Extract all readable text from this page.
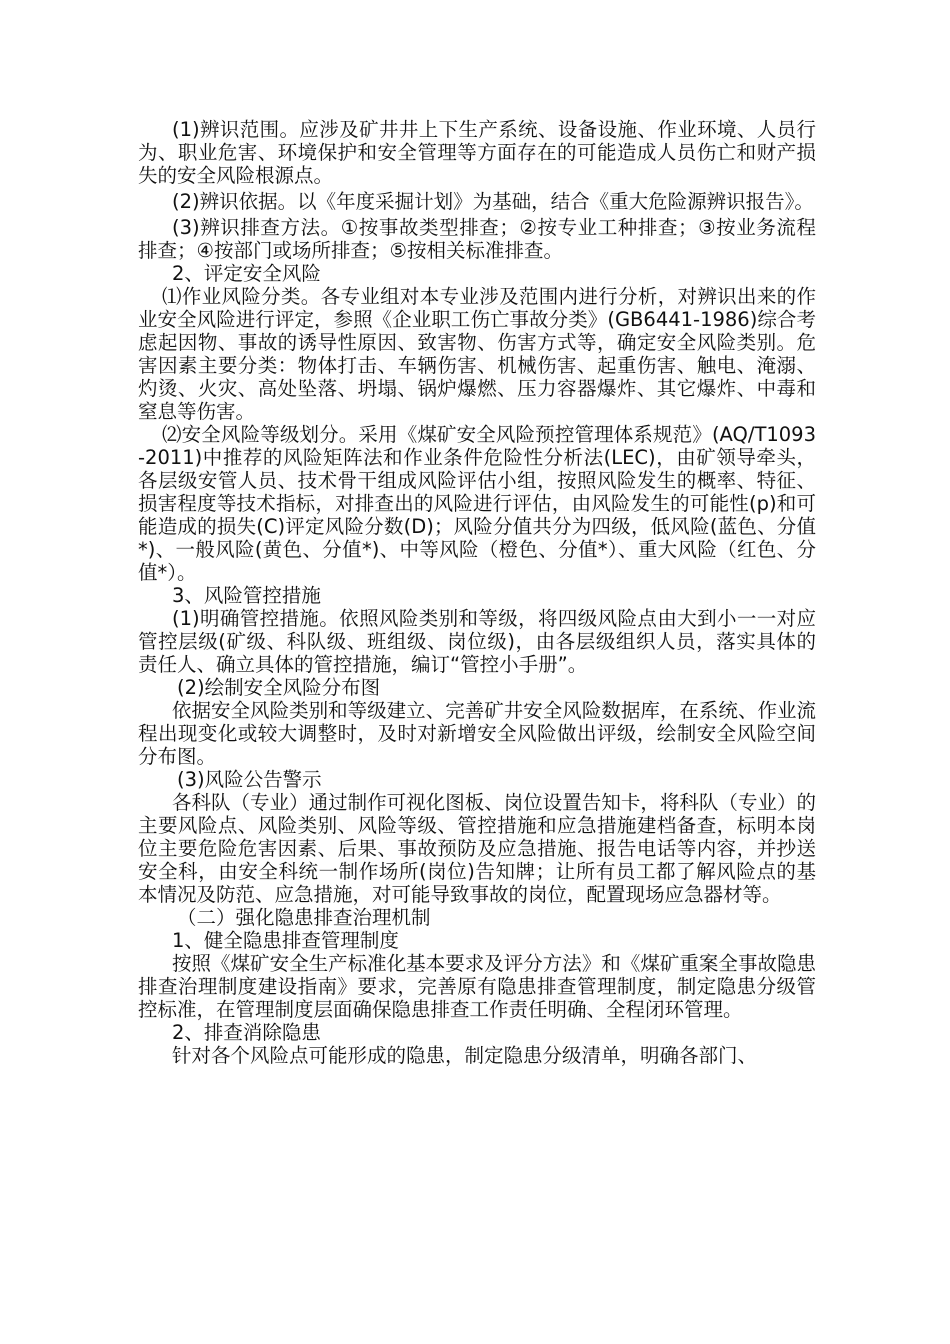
(1)辨识范围。应涉及矿井井上下生产系统、设备设施、作业环境、人员行为、职业危害、环境保护和安全管理等方面存在的可能造成人员伤亡和财产损失的安全风险根源点。

(2)辨识依据。以《年度采掘计划》为基础，结合《重大危险源辨识报告》。

(3)辨识排查方法。①按事故类型排查；②按专业工种排查；③按业务流程排查；④按部门或场所排查；⑤按相关标准排查。

2、评定安全风险

⑴作业风险分类。各专业组对本专业涉及范围内进行分析，对辨识出来的作业安全风险进行评定，参照《企业职工伤亡事故分类》(GB6441-1986)综合考虑起因物、事故的诱导性原因、致害物、伤害方式等，确定安全风险类别。危害因素主要分类：物体打击、车辆伤害、机械伤害、起重伤害、触电、淹溺、灼烫、火灾、高处坠落、坍塌、锅炉爆燃、压力容器爆炸、其它爆炸、中毒和窒息等伤害。

⑵安全风险等级划分。采用《煤矿安全风险预控管理体系规范》(AQ/T1093-2011)中推荐的风险矩阵法和作业条件危险性分析法(LEC)，由矿领导牵头，各层级安管人员、技术骨干组成风险评估小组，按照风险发生的概率、特征、损害程度等技术指标，对排查出的风险进行评估，由风险发生的可能性(p)和可能造成的损失(C)评定风险分数(D)；风险分值共分为四级，低风险(蓝色、分值*)、一般风险(黄色、分值*)、中等风险（橙色、分值*）、重大风险（红色、分值*）。

3、风险管控措施

(1)明确管控措施。依照风险类别和等级，将四级风险点由大到小一一对应管控层级(矿级、科队级、班组级、岗位级)，由各层级组织人员，落实具体的责任人、确立具体的管控措施，编订“管控小手册”。

(2)绘制安全风险分布图

依据安全风险类别和等级建立、完善矿井安全风险数据库，在系统、作业流程出现变化或较大调整时，及时对新增安全风险做出评级，绘制安全风险空间分布图。

(3)风险公告警示

各科队（专业）通过制作可视化图板、岗位设置告知卡，将科队（专业）的主要风险点、风险类别、风险等级、管控措施和应急措施建档备查，标明本岗位主要危险危害因素、后果、事故预防及应急措施、报告电话等内容，并抄送安全科，由安全科统一制作场所(岗位)告知牌；让所有员工都了解风险点的基本情况及防范、应急措施，对可能导致事故的岗位，配置现场应急器材等。

（二）强化隐患排查治理机制

1、健全隐患排查管理制度

按照《煤矿安全生产标准化基本要求及评分方法》和《煤矿重案全事故隐患排查治理制度建设指南》要求，完善原有隐患排查管理制度，制定隐患分级管控标准，在管理制度层面确保隐患排查工作责任明确、全程闭环管理。

2、排查消除隐患

针对各个风险点可能形成的隐患，制定隐患分级清单，明确各部门、
